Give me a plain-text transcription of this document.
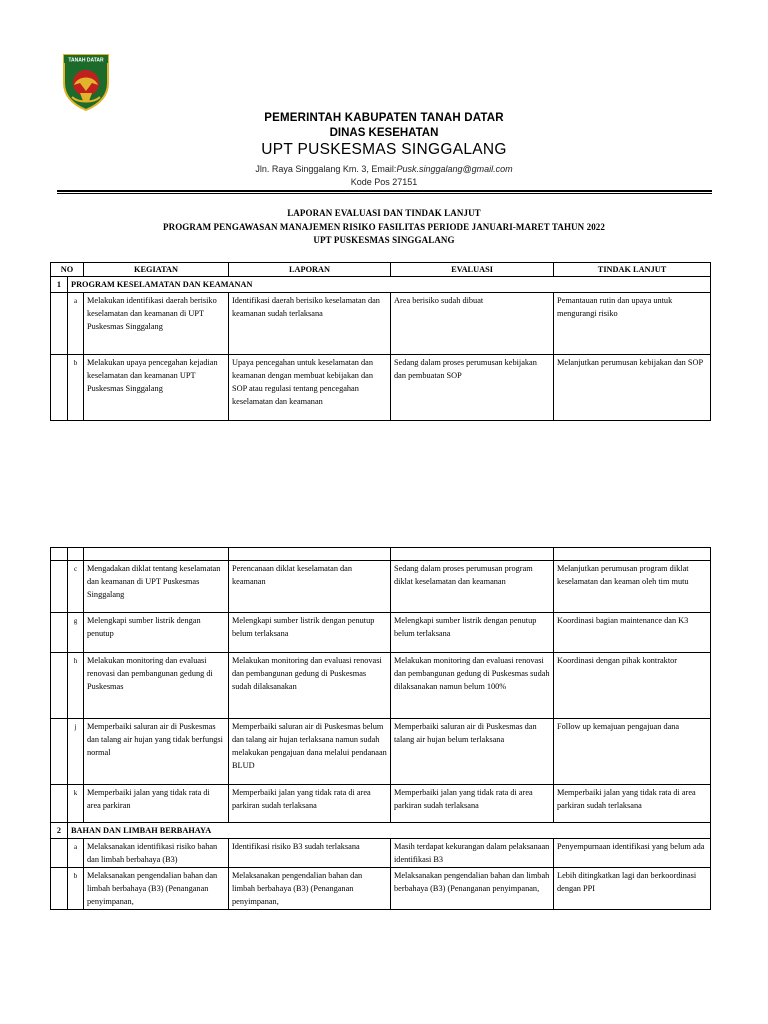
TANAH DATAR
PEMERINTAH KABUPATEN TANAH DATAR
DINAS KESEHATAN
UPT PUSKESMAS SINGGALANG
Jln. Raya Singgalang Km. 3, Email:Pusk.singgalang@gmail.com
Kode Pos 27151
LAPORAN EVALUASI DAN TINDAK LANJUT
PROGRAM PENGAWASAN MANAJEMEN RISIKO FASILITAS PERIODE JANUARI-MARET TAHUN 2022
UPT PUSKESMAS SINGGALANG
NO		KEGIATAN	LAPORAN	EVALUASI	TINDAK LANJUT
1	PROGRAM KESELAMATAN DAN KEAMANAN				
	a	Melakukan identifikasi daerah berisiko keselamatan dan keamanan di UPT Puskesmas Singgalang	Identifikasi daerah berisiko keselamatan dan keamanan sudah terlaksana	Area berisiko sudah dibuat	Pemantauan rutin dan upaya untuk mengurangi risiko
	b	Melakukan upaya pencegahan kejadian keselamatan dan keamanan UPT Puskesmas Singgalang	Upaya pencegahan untuk keselamatan dan keamanan dengan membuat kebijakan dan SOP atau regulasi tentang pencegahan keselamatan dan keamanan	Sedang dalam proses perumusan kebijakan dan pembuatan SOP	Melanjutkan perumusan kebijakan dan SOP

	c	Mengadakan diklat tentang keselamatan dan keamanan di UPT Puskesmas Singgalang	Perencanaan diklat keselamatan dan keamanan	Sedang dalam proses perumusan program diklat keselamatan dan keamanan	Melanjutkan perumusan program diklat keselamatan dan keaman oleh tim mutu
	g	Melengkapi sumber listrik dengan penutup	Melengkapi sumber listrik dengan penutup belum terlaksana	Melengkapi sumber listrik dengan penutup belum terlaksana	Koordinasi bagian maintenance dan K3
	h	Melakukan monitoring dan evaluasi renovasi dan pembangunan gedung di Puskesmas	Melakukan monitoring dan evaluasi renovasi dan pembangunan gedung di Puskesmas sudah dilaksanakan	Melakukan monitoring dan evaluasi renovasi dan pembangunan gedung di Puskesmas sudah dilaksanakan namun belum 100%	Koordinasi dengan pihak kontraktor
	j	Memperbaiki saluran air di Puskesmas dan talang air hujan yang tidak berfungsi normal	Memperbaiki saluran air di Puskesmas belum dan talang air hujan terlaksana namun sudah melakukan pengajuan dana melalui pendanaan BLUD	Memperbaiki saluran air di Puskesmas dan talang air hujan belum terlaksana	Follow up kemajuan pengajuan dana
	k	Memperbaiki jalan yang tidak rata di area parkiran	Memperbaiki jalan yang tidak rata di area parkiran sudah terlaksana	Memperbaiki jalan yang tidak rata di area parkiran sudah terlaksana	Memperbaiki jalan yang tidak rata di area parkiran sudah terlaksana
2	BAHAN DAN LIMBAH BERBAHAYA				
	a	Melaksanakan identifikasi risiko bahan dan limbah berbahaya (B3)	Identifikasi risiko B3 sudah terlaksana	Masih terdapat kekurangan dalam pelaksanaan identifikasi B3	Penyempurnaan identifikasi yang belum ada
	b	Melaksanakan pengendalian bahan dan limbah berbahaya (B3) (Penanganan penyimpanan,	Melaksanakan pengendalian bahan dan limbah berbahaya (B3) (Penanganan penyimpanan,	Melaksanakan pengendalian bahan dan limbah berbahaya (B3) (Penanganan penyimpanan,	Lebih ditingkatkan lagi dan berkoordinasi dengan PPI
